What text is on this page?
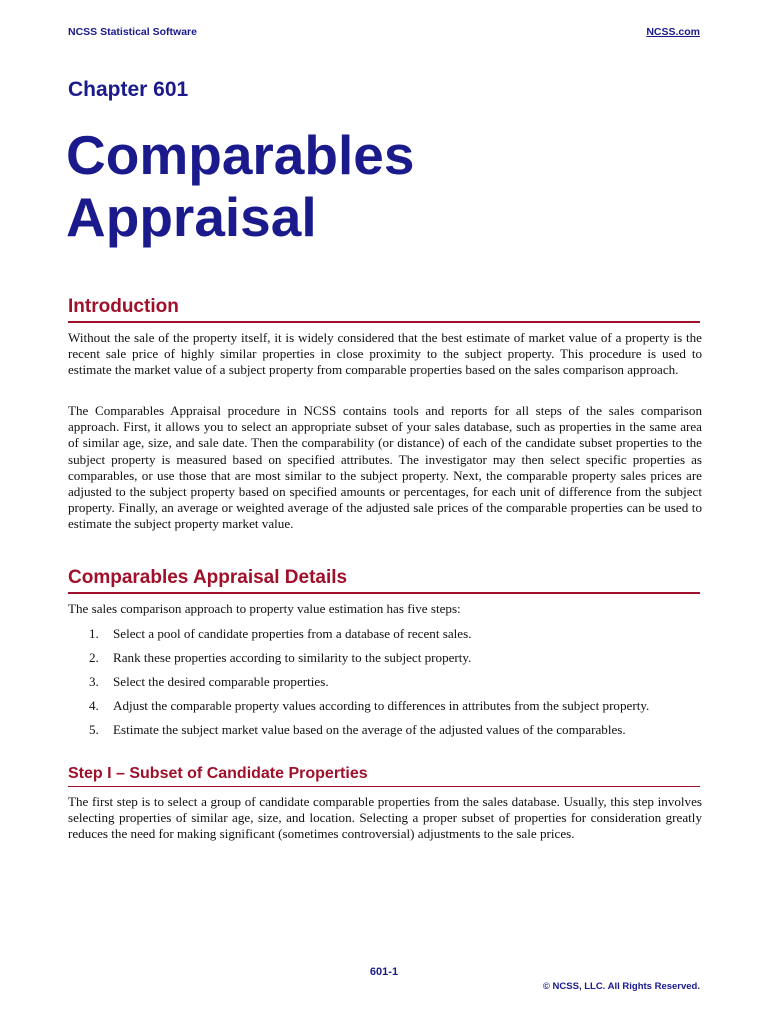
NCSS Statistical Software	NCSS.com
Chapter 601
Comparables
Appraisal
Introduction

Without the sale of the property itself, it is widely considered that the best estimate of market value of a property is the recent sale price of highly similar properties in close proximity to the subject property. This procedure is used to estimate the market value of a subject property from comparable properties based on the sales comparison approach.

The Comparables Appraisal procedure in NCSS contains tools and reports for all steps of the sales comparison approach. First, it allows you to select an appropriate subset of your sales database, such as properties in the same area of similar age, size, and sale date. Then the comparability (or distance) of each of the candidate subset properties to the subject property is measured based on specified attributes. The investigator may then select specific properties as comparables, or use those that are most similar to the subject property. Next, the comparable property sales prices are adjusted to the subject property based on specified amounts or percentages, for each unit of difference from the subject property. Finally, an average or weighted average of the adjusted sale prices of the comparable properties can be used to estimate the subject property market value.

Comparables Appraisal Details

The sales comparison approach to property value estimation has five steps:

1. Select a pool of candidate properties from a database of recent sales.
2. Rank these properties according to similarity to the subject property.
3. Select the desired comparable properties.
4. Adjust the comparable property values according to differences in attributes from the subject property.
5. Estimate the subject market value based on the average of the adjusted values of the comparables.
Step I – Subset of Candidate Properties

The first step is to select a group of candidate comparable properties from the sales database. Usually, this step involves selecting properties of similar age, size, and location. Selecting a proper subset of properties for consideration greatly reduces the need for making significant (sometimes controversial) adjustments to the sale prices.

601-1
© NCSS, LLC. All Rights Reserved.
